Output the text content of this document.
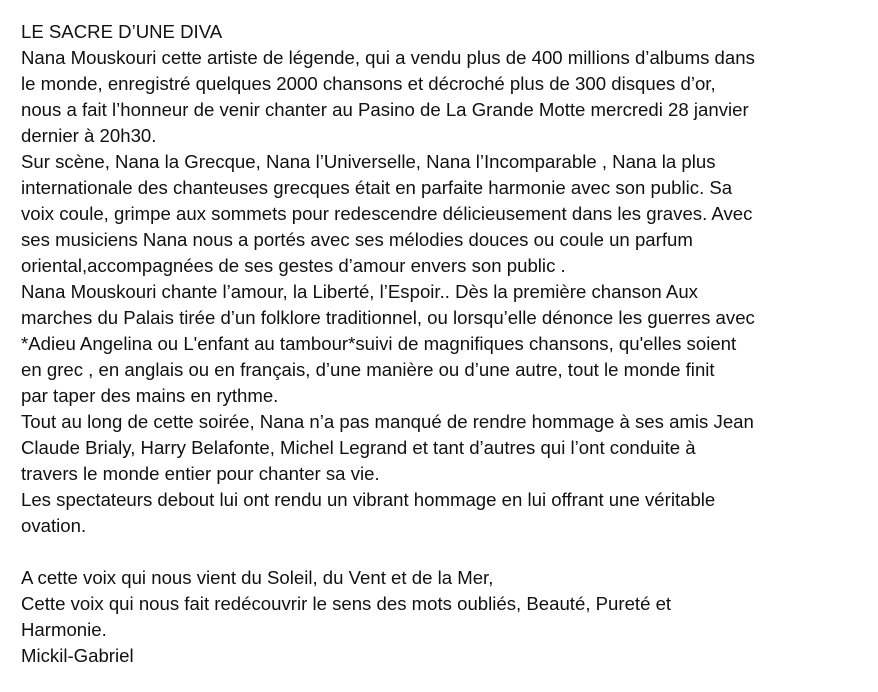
LE SACRE D’UNE DIVA
Nana Mouskouri cette artiste de légende, qui a vendu plus de 400 millions d’albums dans
le monde, enregistré quelques 2000 chansons et décroché plus de 300 disques d’or,
nous a fait l’honneur de venir chanter au Pasino de La Grande Motte mercredi 28 janvier
dernier à 20h30.
Sur scène, Nana la Grecque, Nana l’Universelle, Nana l’Incomparable , Nana la plus
internationale des chanteuses grecques était en parfaite harmonie avec son public. Sa
voix coule, grimpe aux sommets pour redescendre délicieusement dans les graves. Avec
ses musiciens Nana nous a portés avec ses mélodies douces ou coule un parfum
oriental,accompagnées de ses gestes d’amour envers son public .
Nana Mouskouri chante l’amour, la Liberté, l’Espoir.. Dès la première chanson Aux
marches du Palais tirée d’un folklore traditionnel, ou lorsqu’elle dénonce les guerres avec
*Adieu Angelina ou L'enfant au tambour*suivi de magnifiques chansons, qu'elles soient
en grec , en anglais ou en français, d’une manière ou d’une autre, tout le monde finit
par taper des mains en rythme.
Tout au long de cette soirée, Nana n’a pas manqué de rendre hommage à ses amis Jean
Claude Brialy, Harry Belafonte, Michel Legrand et tant d’autres qui l’ont conduite à
travers le monde entier pour chanter sa vie.
Les spectateurs debout lui ont rendu un vibrant hommage en lui offrant une véritable
ovation.
A cette voix qui nous vient du Soleil, du Vent et de la Mer,
Cette voix qui nous fait redécouvrir le sens des mots oubliés, Beauté, Pureté et
Harmonie.
Mickil-Gabriel
